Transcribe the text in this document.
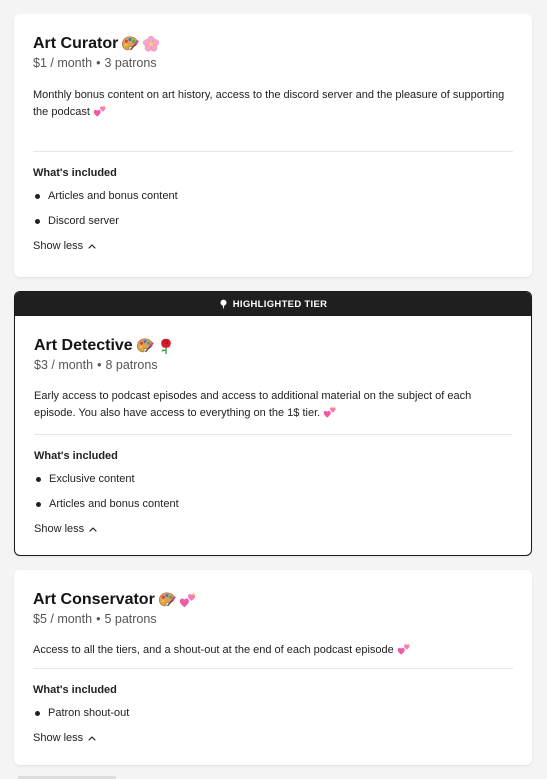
Art Curator
$1 / month • 3 patrons

Monthly bonus content on art history, access to the discord server and the pleasure of supporting the podcast

What's included
Articles and bonus content
Discord server
Show less
HIGHLIGHTED TIER
Art Detective
$3 / month • 8 patrons

Early access to podcast episodes and access to additional material on the subject of each episode. You also have access to everything on the 1$ tier.

What's included
Exclusive content
Articles and bonus content
Show less
Art Conservator
$5 / month • 5 patrons

Access to all the tiers, and a shout-out at the end of each podcast episode

What's included
Patron shout-out
Show less
